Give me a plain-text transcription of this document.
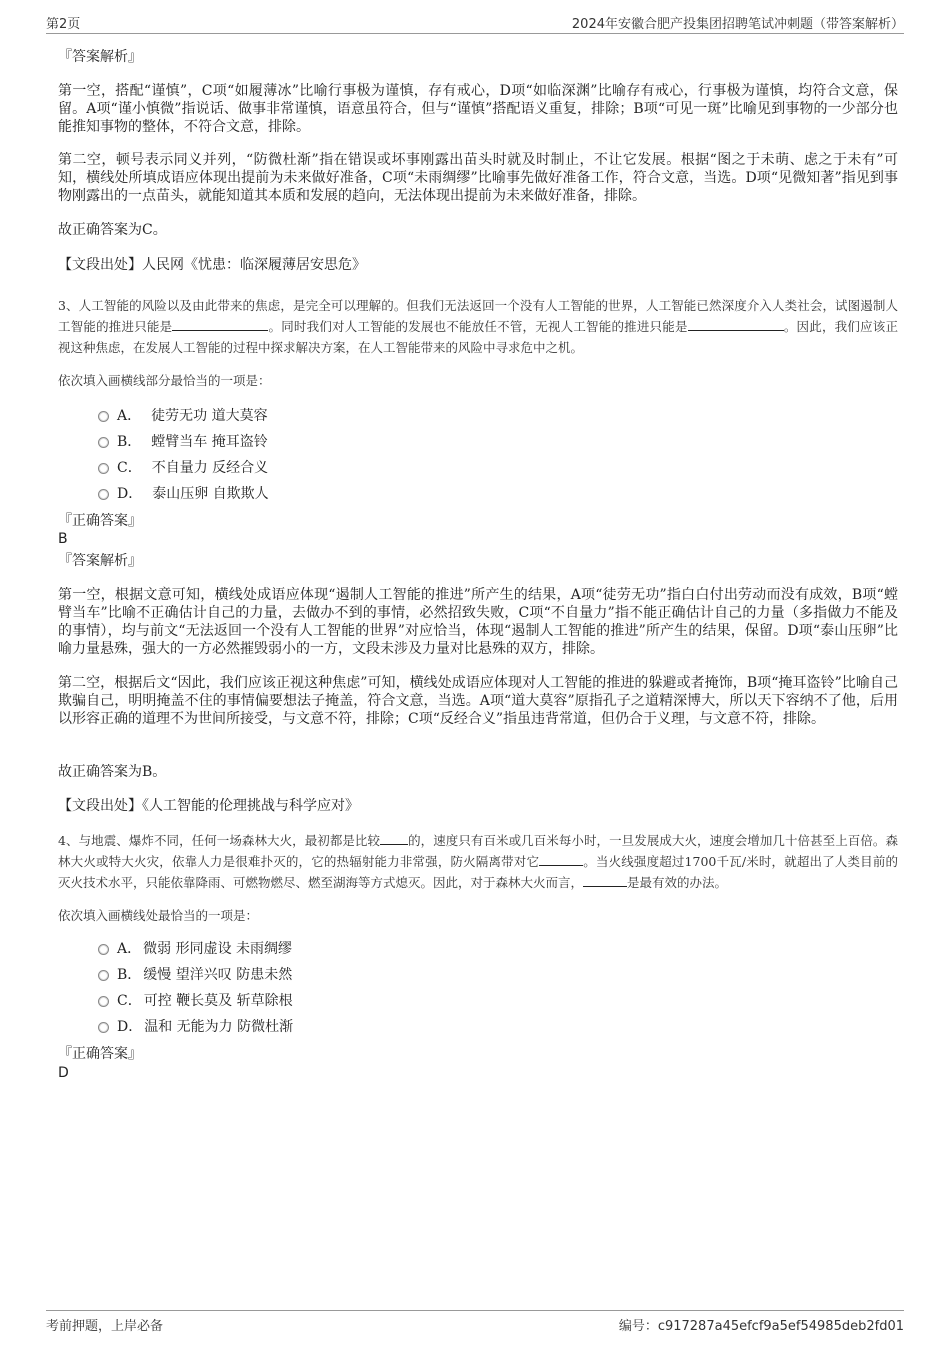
第2页	2024年安徽合肥产投集团招聘笔试冲刺题（带答案解析）
『答案解析』
第一空，搭配“谨慎”，C项“如履薄冰”比喻行事极为谨慎，存有戒心，D项“如临深渊”比喻存有戒心，行事极为谨慎，均符合文意，保留。A项“谨小慎微”指说话、做事非常谨慎，语意虽符合，但与“谨慎”搭配语义重复，排除；B项“可见一斑”比喻见到事物的一少部分也能推知事物的整体，不符合文意，排除。
第二空，顿号表示同义并列，“防微杜渐”指在错误或坏事刚露出苗头时就及时制止，不让它发展。根据“图之于未萌、虑之于未有”可知，横线处所填成语应体现出提前为未来做好准备，C项“未雨绸缪”比喻事先做好准备工作，符合文意，当选。D项“见微知著”指见到事物刚露出的一点苗头，就能知道其本质和发展的趋向，无法体现出提前为未来做好准备，排除。
故正确答案为C。
【文段出处】人民网《忧患：临深履薄居安思危》
3、人工智能的风险以及由此带来的焦虑，是完全可以理解的。但我们无法返回一个没有人工智能的世界，人工智能已然深度介入人类社会，试图遏制人工智能的推进只能是	。同时我们对人工智能的发展也不能放任不管，无视人工智能的推进只能是	。因此，我们应该正视这种焦虑，在发展人工智能的过程中探求解决方案，在人工智能带来的风险中寻求危中之机。
依次填入画横线部分最恰当的一项是：
A． 徒劳无功 道大莫容
B． 螳臂当车 掩耳盗铃
C． 不自量力 反经合义
D． 泰山压卵 自欺欺人
『正确答案』
B
『答案解析』
第一空，根据文意可知，横线处成语应体现“遏制人工智能的推进”所产生的结果，A项“徒劳无功”指白白付出劳动而没有成效，B项“螳臂当车”比喻不正确估计自己的力量，去做办不到的事情，必然招致失败，C项“不自量力”指不能正确估计自己的力量（多指做力不能及的事情），均与前文“无法返回一个没有人工智能的世界”对应恰当，体现“遏制人工智能的推进”所产生的结果，保留。D项“泰山压卵”比喻力量悬殊，强大的一方必然摧毁弱小的一方，文段未涉及力量对比悬殊的双方，排除。
第二空，根据后文“因此，我们应该正视这种焦虑”可知，横线处成语应体现对人工智能的推进的躲避或者掩饰，B项“掩耳盗铃”比喻自己欺骗自己，明明掩盖不住的事情偏要想法子掩盖，符合文意，当选。A项“道大莫容”原指孔子之道精深博大，所以天下容纳不了他，后用以形容正确的道理不为世间所接受，与文意不符，排除；C项“反经合义”指虽违背常道，但仍合于义理，与文意不符，排除。
故正确答案为B。
【文段出处】《人工智能的伦理挑战与科学应对》
4、与地震、爆炸不同，任何一场森林大火，最初都是比较 的，速度只有百米或几百米每小时，一旦发展成大火，速度会增加几十倍甚至上百倍。森林大火或特大火灾，依靠人力是很难扑灭的，它的热辐射能力非常强，防火隔离带对它	。当火线强度超过1700千瓦/米时，就超出了人类目前的灭火技术水平，只能依靠降雨、可燃物燃尽、燃至湖海等方式熄灭。因此，对于森林大火而言，	是最有效的办法。
依次填入画横线处最恰当的一项是：
A． 微弱 形同虚设 未雨绸缪
B． 缓慢 望洋兴叹 防患未然
C． 可控 鞭长莫及 斩草除根
D． 温和 无能为力 防微杜渐
『正确答案』
D
考前押题，上岸必备	编号：c917287a45efcf9a5ef54985deb2fd01
